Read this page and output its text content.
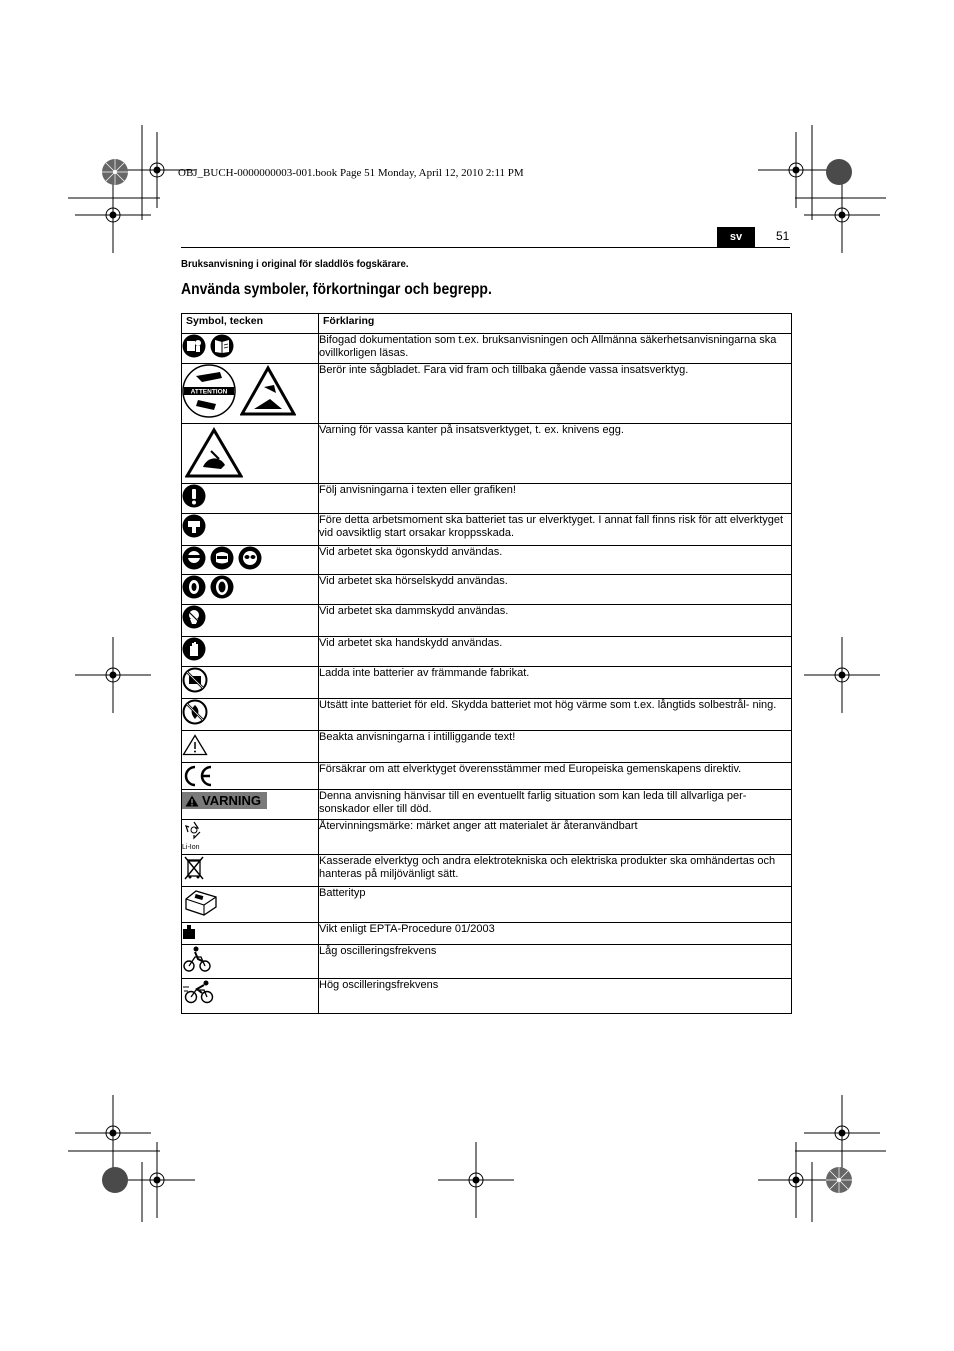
OBJ_BUCH-0000000003-001.book Page 51 Monday, April 12, 2010 2:11 PM
sv	51
Bruksanvisning i original för sladdlös fogskärare.
Använda symboler, förkortningar och begrepp.
Symbol, tecken	Förklaring

	Bifogad dokumentation som t.ex. bruksanvisningen och Allmänna säkerhetsanvisningarna ska ovillkorligen läsas.

ATTENTION	Berör inte sågbladet. Fara vid fram och tillbaka gående vassa insatsverktyg.

	Varning för vassa kanter på insatsverktyget, t. ex. knivens egg.

	Följ anvisningarna i texten eller grafiken!

	Före detta arbetsmoment ska batteriet tas ur elverktyget. I annat fall finns risk för att elverktyget vid oavsiktlig start orsakar kroppsskada.

	Vid arbetet ska ögonskydd användas.

	Vid arbetet ska hörselskydd användas.

	Vid arbetet ska dammskydd användas.

	Vid arbetet ska handskydd användas.

	Ladda inte batterier av främmande fabrikat.

	Utsätt inte batteriet för eld. Skydda batteriet mot hög värme som t.ex. långtids solbestrål- ning.

	Beakta anvisningarna i intilliggande text!

	Försäkrar om att elverktyget överensstämmer med Europeiska gemenskapens direktiv.

VARNING	Denna anvisning hänvisar till en eventuellt farlig situation som kan leda till allvarliga per- sonskador eller till död.

Li-Ion	Återvinningsmärke: märket anger att materialet är återanvändbart

	Kasserade elverktyg och andra elektrotekniska och elektriska produkter ska omhändertas och hanteras på miljövänligt sätt.

	Batterityp

	Vikt enligt EPTA-Procedure 01/2003

	Låg oscilleringsfrekvens

	Hög oscilleringsfrekvens
